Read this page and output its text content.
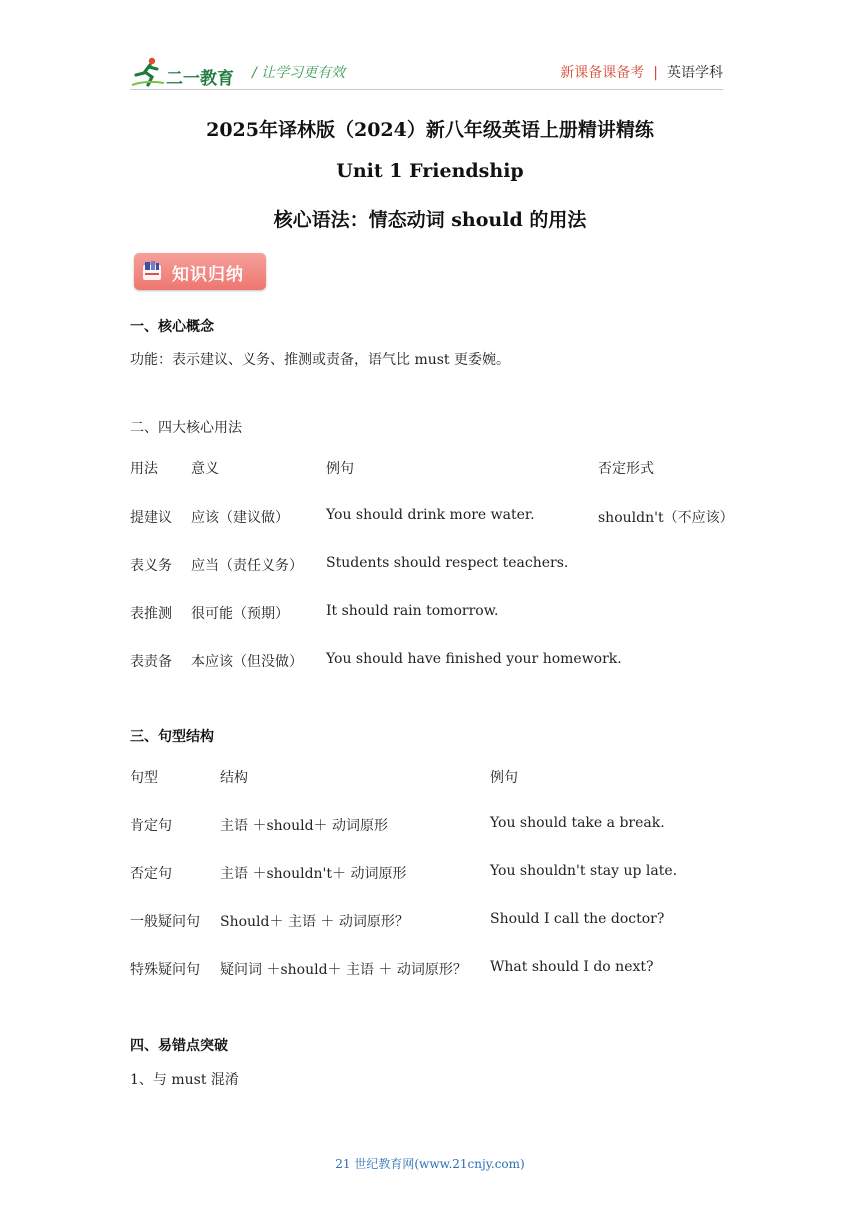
二一教育 / 让学习更有效	新课备课备考 | 英语学科
2025年译林版（2024）新八年级英语上册精讲精练
Unit 1 Friendship
核心语法：情态动词 should 的用法
知识归纳
一、核心概念
功能：表示建议、义务、推测或责备，语气比 must 更委婉。
二、四大核心用法
用法 意义	例句	否定形式
提建议 应该（建议做）	You should drink more water.	shouldn't（不应该）
表义务 应当（责任义务） Students should respect teachers.
表推测 很可能（预期）	It should rain tomorrow.
表责备 本应该（但没做） You should have finished your homework.
三、句型结构
句型	结构	例句
肯定句	主语 ＋should＋ 动词原形	You should take a break.
否定句	主语 ＋shouldn't＋ 动词原形	You shouldn't stay up late.
一般疑问句 Should＋ 主语 ＋ 动词原形？	Should I call the doctor?
特殊疑问句 疑问词 ＋should＋ 主语 ＋ 动词原形？ What should I do next?
四、易错点突破
1、与 must 混淆
21 世纪教育网(www.21cnjy.com)
